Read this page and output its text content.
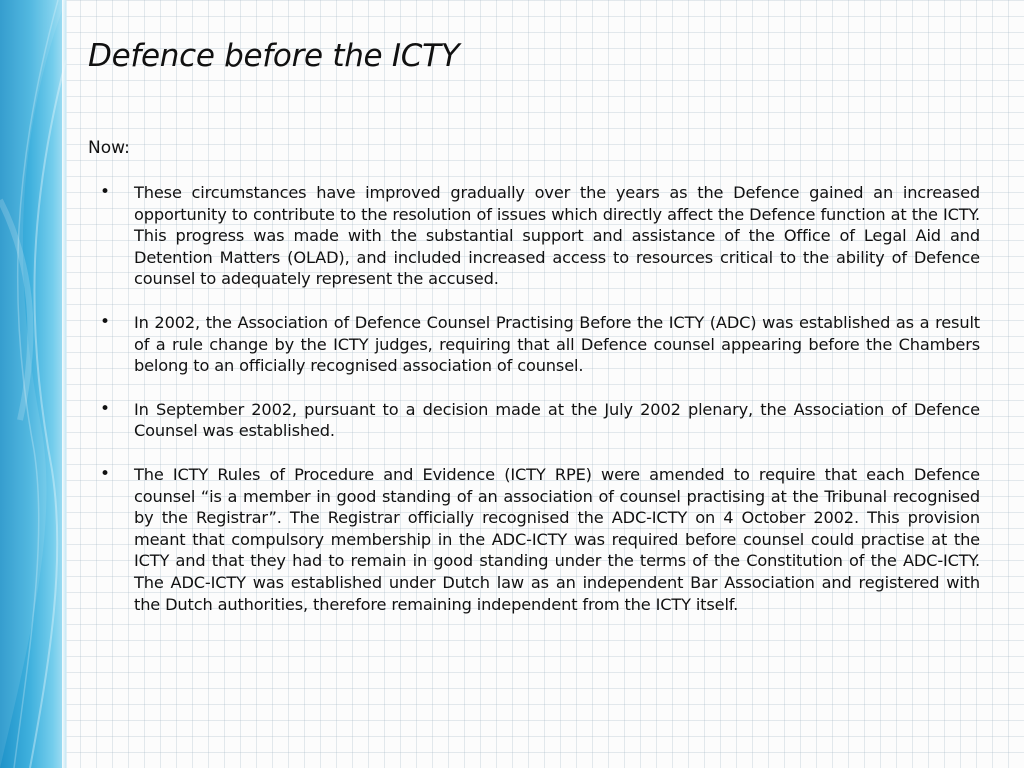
Defence before the ICTY

Now:

•	These circumstances have improved gradually over the years as the Defence gained an increased opportunity to contribute to the resolution of issues which directly affect the Defence function at the ICTY. This progress was made with the substantial support and assistance of the Office of Legal Aid and Detention Matters (OLAD), and included increased access to resources critical to the ability of Defence counsel to adequately represent the accused.

•	In 2002, the Association of Defence Counsel Practising Before the ICTY (ADC) was established as a result of a rule change by the ICTY judges, requiring that all Defence counsel appearing before the Chambers belong to an officially recognised association of counsel.

•	In September 2002, pursuant to a decision made at the July 2002 plenary, the Association of Defence Counsel was established.

•	The ICTY Rules of Procedure and Evidence (ICTY RPE) were amended to require that each Defence counsel “is a member in good standing of an association of counsel practising at the Tribunal recognised by the Registrar”. The Registrar officially recognised the ADC-ICTY on 4 October 2002. This provision meant that compulsory membership in the ADC-ICTY was required before counsel could practise at the ICTY and that they had to remain in good standing under the terms of the Constitution of the ADC-ICTY. The ADC-ICTY was established under Dutch law as an independent Bar Association and registered with the Dutch authorities, therefore remaining independent from the ICTY itself.
